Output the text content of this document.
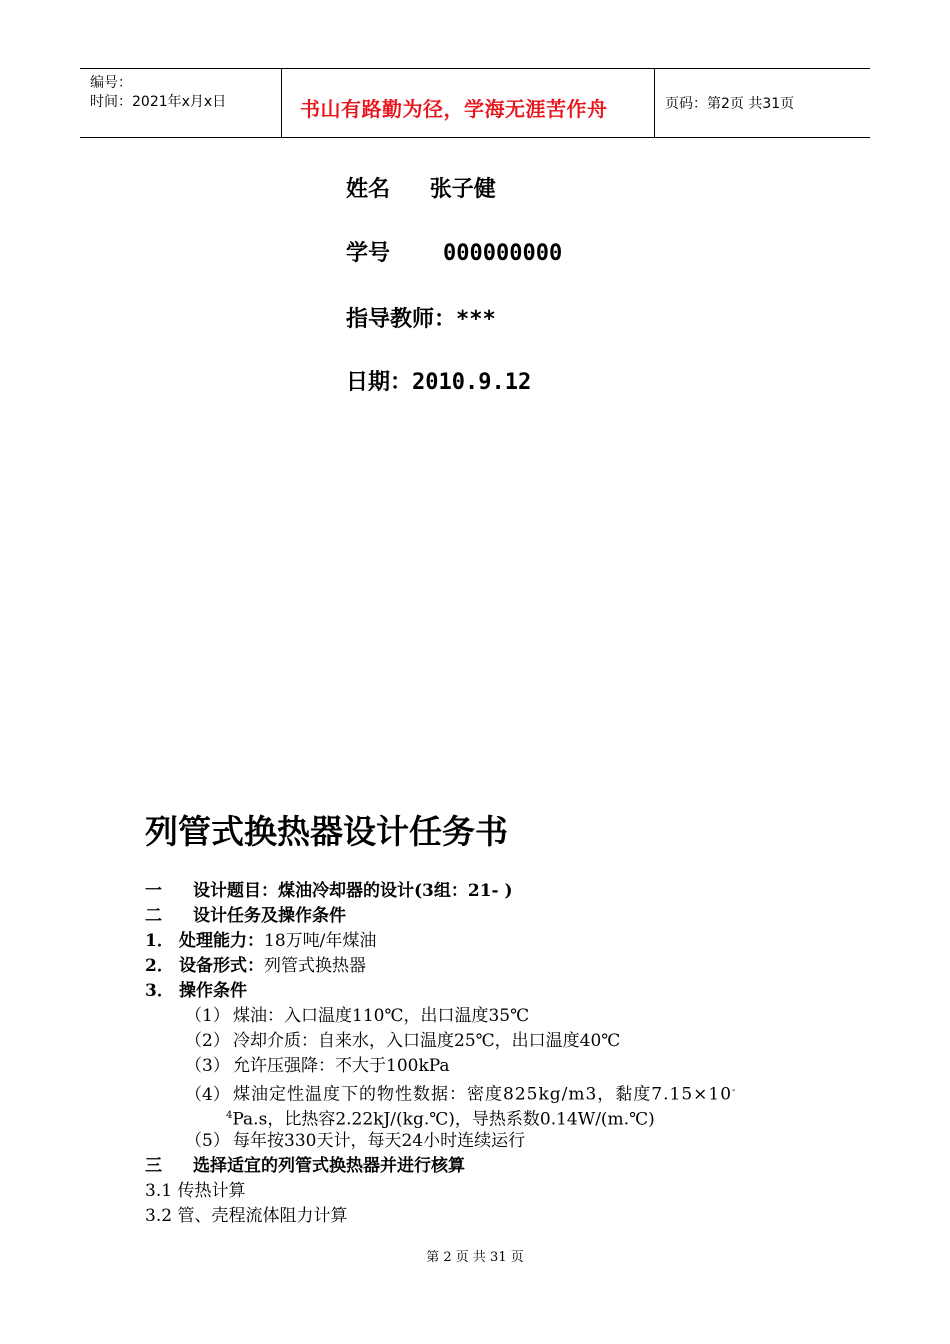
编号：
时间：2021年x月x日	书山有路勤为径，学海无涯苦作舟	页码：第2页 共31页
姓名 张子健
学号 000000000
指导教师：***
日期：2010.9.12
列管式换热器设计任务书
一 设计题目：煤油冷却器的设计(3组：21- )
二 设计任务及操作条件
1． 处理能力：18万吨/年煤油
2． 设备形式：列管式换热器
3． 操作条件
（1） 煤油：入口温度110℃，出口温度35℃
（2） 冷却介质：自来水，入口温度25℃，出口温度40℃
（3） 允许压强降：不大于100kPa
（4） 煤油定性温度下的物性数据：密度825kg/m3，黏度7.15×10-
$^4$Pa.s，比热容2.22kJ/(kg.℃)，导热系数0.14W/(m.℃)
（5） 每年按330天计，每天24小时连续运行
三 选择适宜的列管式换热器并进行核算
3.1 传热计算
3.2 管、壳程流体阻力计算
第 2 页 共 31 页
